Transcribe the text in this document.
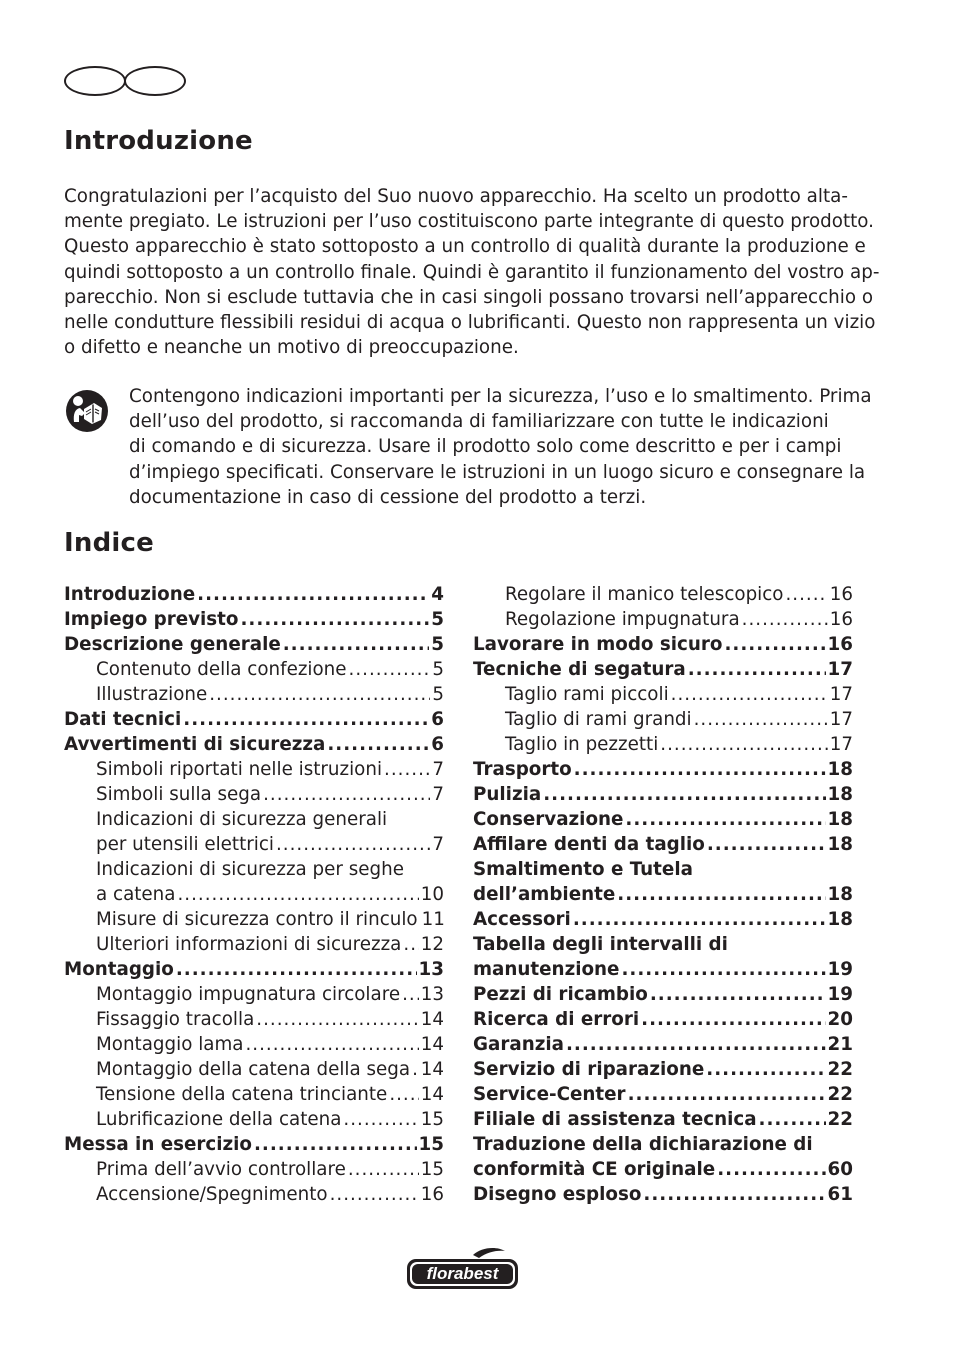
Introduzione
Congratulazioni per l’acquisto del Suo nuovo apparecchio. Ha scelto un prodotto alta-
mente pregiato. Le istruzioni per l’uso costituiscono parte integrante di questo prodotto.
Questo apparecchio è stato sottoposto a un controllo di qualità durante la produzione e
quindi sottoposto a un controllo finale. Quindi è garantito il funzionamento del vostro ap-
parecchio. Non si esclude tuttavia che in casi singoli possano trovarsi nell’apparecchio o
nelle condutture flessibili residui di acqua o lubrificanti. Questo non rappresenta un vizio
o difetto e neanche un motivo di preoccupazione.
Contengono indicazioni importanti per la sicurezza, l’uso e lo smaltimento. Prima
dell’uso del prodotto, si raccomanda di familiarizzare con tutte le indicazioni
di comando e di sicurezza. Usare il prodotto solo come descritto e per i campi
d’impiego specificati. Conservare le istruzioni in un luogo sicuro e consegnare la
documentazione in caso di cessione del prodotto a terzi.
Indice
Introduzione .....	4
Impiego previsto .....	5
Descrizione generale .....	5
Contenuto della confezione .....	5
Illustrazione .....	5
Dati tecnici .....	6
Avvertimenti di sicurezza .....	6
Simboli riportati nelle istruzioni .....	7
Simboli sulla sega .....	7
Indicazioni di sicurezza generali
per utensili elettrici .....	7
Indicazioni di sicurezza per seghe
a catena .....	10
Misure di sicurezza contro il rinculo 11
Ulteriori informazioni di sicurezza ..... 12
Montaggio .....	13
Montaggio impugnatura circolare ..... 13
Fissaggio tracolla .....	14
Montaggio lama .....	14
Montaggio della catena della sega ..... 14
Tensione della catena trinciante ..... 14
Lubrificazione della catena .....	15
Messa in esercizio .....	15
Prima dell’avvio controllare .....	15
Accensione/Spegnimento .....	16
Regolare il manico telescopico .....	16
Regolazione impugnatura .....	16
Lavorare in modo sicuro .....	16
Tecniche di segatura .....	17
Taglio rami piccoli .....	17
Taglio di rami grandi .....	17
Taglio in pezzetti .....	17
Trasporto .....	18
Pulizia .....	18
Conservazione .....	18
Affilare denti da taglio .....	18
Smaltimento e Tutela
dell’ambiente .....	18
Accessori .....	18
Tabella degli intervalli di
manutenzione .....	19
Pezzi di ricambio .....	19
Ricerca di errori .....	20
Garanzia .....	21
Servizio di riparazione .....	22
Service-Center .....	22
Filiale di assistenza tecnica .....	22
Traduzione della dichiarazione di
conformità CE originale .....	60
Disegno esploso .....	61
florabest
